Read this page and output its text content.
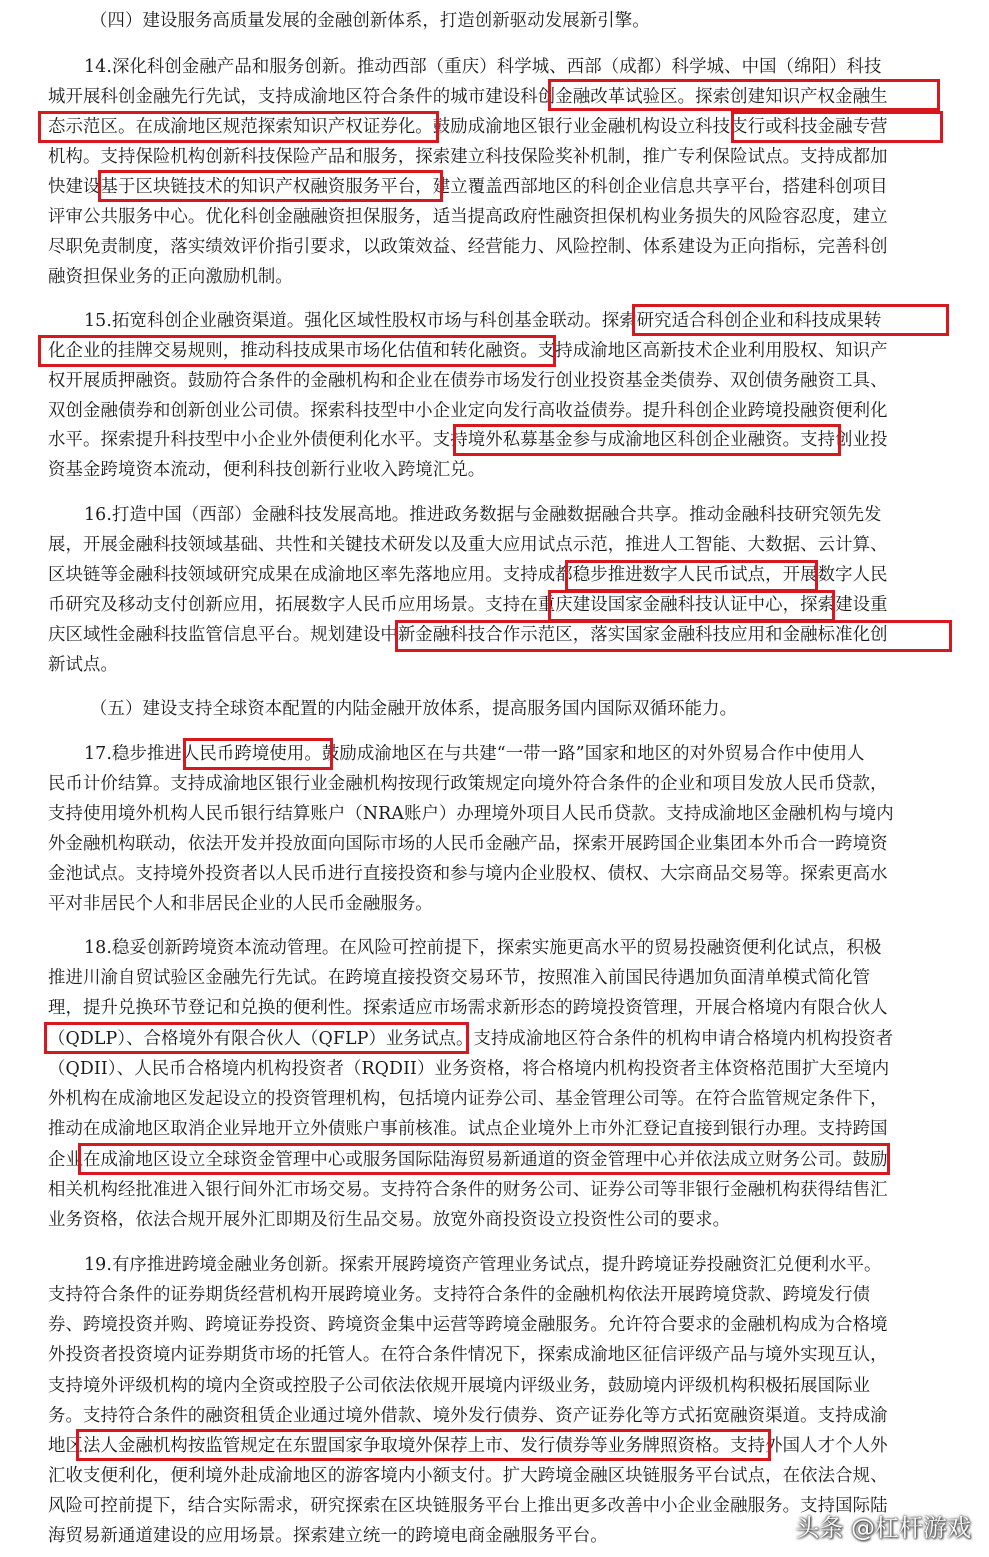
（四）建设服务高质量发展的金融创新体系，打造创新驱动发展新引擎。
14.深化科创金融产品和服务创新。推动西部（重庆）科学城、西部（成都）科学城、中国（绵阳）科技
城开展科创金融先行先试，支持成渝地区符合条件的城市建设科创金融改革试验区。探索创建知识产权金融生
态示范区。在成渝地区规范探索知识产权证券化。鼓励成渝地区银行业金融机构设立科技支行或科技金融专营
机构。支持保险机构创新科技保险产品和服务，探索建立科技保险奖补机制，推广专利保险试点。支持成都加
快建设基于区块链技术的知识产权融资服务平台，建立覆盖西部地区的科创企业信息共享平台，搭建科创项目
评审公共服务中心。优化科创金融融资担保服务，适当提高政府性融资担保机构业务损失的风险容忍度，建立
尽职免责制度，落实绩效评价指引要求，以政策效益、经营能力、风险控制、体系建设为正向指标，完善科创
融资担保业务的正向激励机制。
15.拓宽科创企业融资渠道。强化区域性股权市场与科创基金联动。探索研究适合科创企业和科技成果转
化企业的挂牌交易规则，推动科技成果市场化估值和转化融资。支持成渝地区高新技术企业利用股权、知识产
权开展质押融资。鼓励符合条件的金融机构和企业在债券市场发行创业投资基金类债券、双创债务融资工具、
双创金融债券和创新创业公司债。探索科技型中小企业定向发行高收益债券。提升科创企业跨境投融资便利化
水平。探索提升科技型中小企业外债便利化水平。支持境外私募基金参与成渝地区科创企业融资。支持创业投
资基金跨境资本流动，便利科技创新行业收入跨境汇兑。
16.打造中国（西部）金融科技发展高地。推进政务数据与金融数据融合共享。推动金融科技研究领先发
展，开展金融科技领域基础、共性和关键技术研发以及重大应用试点示范，推进人工智能、大数据、云计算、
区块链等金融科技领域研究成果在成渝地区率先落地应用。支持成都稳步推进数字人民币试点，开展数字人民
币研究及移动支付创新应用，拓展数字人民币应用场景。支持在重庆建设国家金融科技认证中心，探索建设重
庆区域性金融科技监管信息平台。规划建设中新金融科技合作示范区，落实国家金融科技应用和金融标准化创
新试点。
（五）建设支持全球资本配置的内陆金融开放体系，提高服务国内国际双循环能力。
17.稳步推进人民币跨境使用。鼓励成渝地区在与共建“一带一路”国家和地区的对外贸易合作中使用人
民币计价结算。支持成渝地区银行业金融机构按现行政策规定向境外符合条件的企业和项目发放人民币贷款，
支持使用境外机构人民币银行结算账户（NRA账户）办理境外项目人民币贷款。支持成渝地区金融机构与境内
外金融机构联动，依法开发并投放面向国际市场的人民币金融产品，探索开展跨国企业集团本外币合一跨境资
金池试点。支持境外投资者以人民币进行直接投资和参与境内企业股权、债权、大宗商品交易等。探索更高水
平对非居民个人和非居民企业的人民币金融服务。
18.稳妥创新跨境资本流动管理。在风险可控前提下，探索实施更高水平的贸易投融资便利化试点，积极
推进川渝自贸试验区金融先行先试。在跨境直接投资交易环节，按照准入前国民待遇加负面清单模式简化管
理，提升兑换环节登记和兑换的便利性。探索适应市场需求新形态的跨境投资管理，开展合格境内有限合伙人
（QDLP）、合格境外有限合伙人（QFLP）业务试点。支持成渝地区符合条件的机构申请合格境内机构投资者
（QDII）、人民币合格境内机构投资者（RQDII）业务资格，将合格境内机构投资者主体资格范围扩大至境内
外机构在成渝地区发起设立的投资管理机构，包括境内证券公司、基金管理公司等。在符合监管规定条件下，
推动在成渝地区取消企业异地开立外债账户事前核准。试点企业境外上市外汇登记直接到银行办理。支持跨国
企业在成渝地区设立全球资金管理中心或服务国际陆海贸易新通道的资金管理中心并依法成立财务公司。鼓励
相关机构经批准进入银行间外汇市场交易。支持符合条件的财务公司、证券公司等非银行金融机构获得结售汇
业务资格，依法合规开展外汇即期及衍生品交易。放宽外商投资设立投资性公司的要求。
19.有序推进跨境金融业务创新。探索开展跨境资产管理业务试点，提升跨境证券投融资汇兑便利水平。
支持符合条件的证券期货经营机构开展跨境业务。支持符合条件的金融机构依法开展跨境贷款、跨境发行债
券、跨境投资并购、跨境证券投资、跨境资金集中运营等跨境金融服务。允许符合要求的金融机构成为合格境
外投资者投资境内证券期货市场的托管人。在符合条件情况下，探索成渝地区征信评级产品与境外实现互认，
支持境外评级机构的境内全资或控股子公司依法依规开展境内评级业务，鼓励境内评级机构积极拓展国际业
务。支持符合条件的融资租赁企业通过境外借款、境外发行债券、资产证券化等方式拓宽融资渠道。支持成渝
地区法人金融机构按监管规定在东盟国家争取境外保荐上市、发行债券等业务牌照资格。支持外国人才个人外
汇收支便利化，便利境外赴成渝地区的游客境内小额支付。扩大跨境金融区块链服务平台试点，在依法合规、
风险可控前提下，结合实际需求，研究探索在区块链服务平台上推出更多改善中小企业金融服务。支持国际陆
海贸易新通道建设的应用场景。探索建立统一的跨境电商金融服务平台。	头条 @杠杆游戏
